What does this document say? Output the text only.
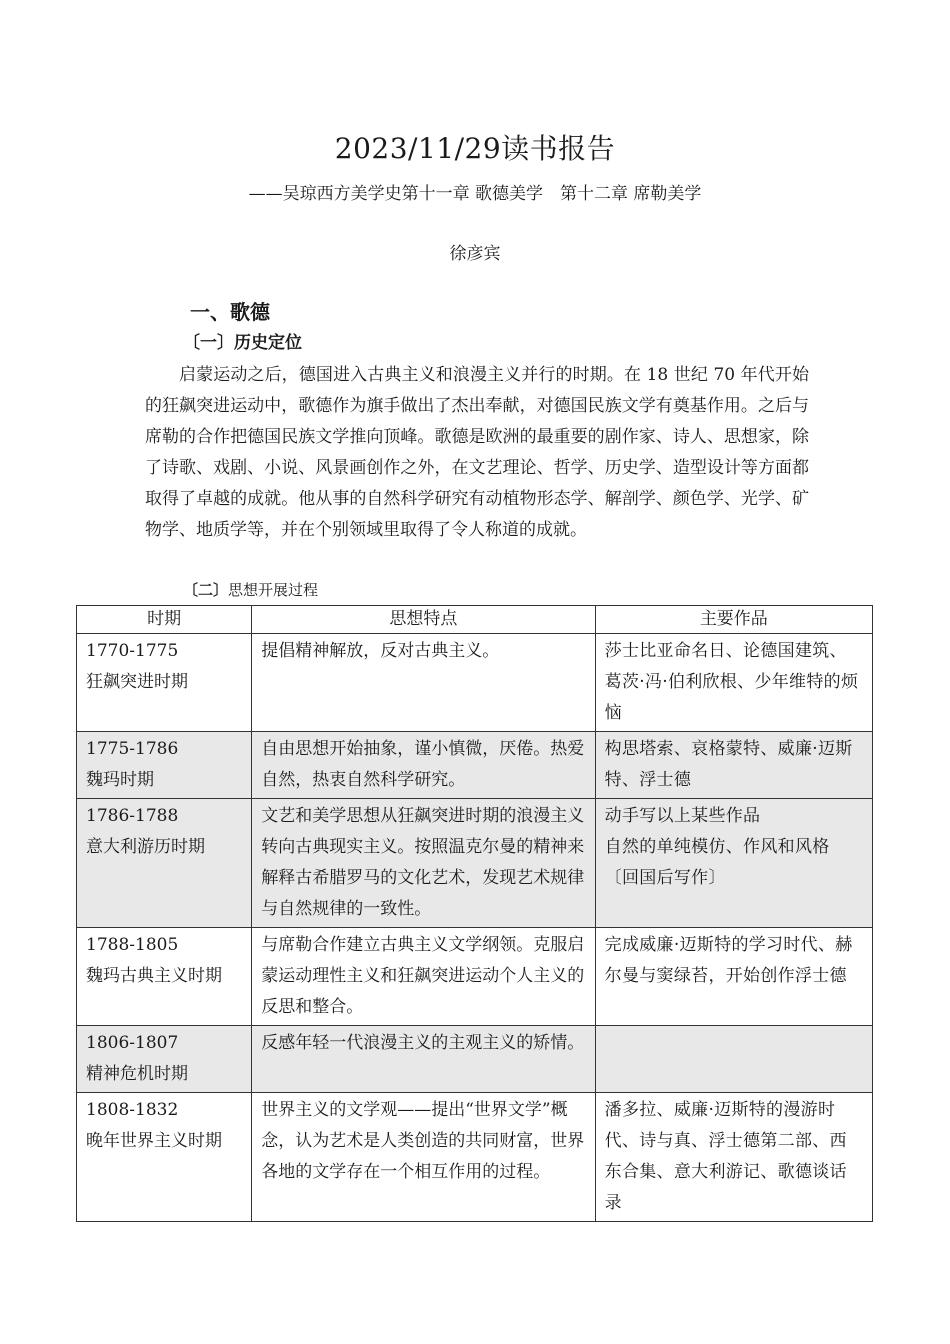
2023/11/29读书报告
——吴琼西方美学史第十一章 歌德美学　第十二章 席勒美学
徐彦宾
一、歌德
〔一〕历史定位
启蒙运动之后，德国进入古典主义和浪漫主义并行的时期。在 18 世纪 70 年代开始的狂飙突进运动中，歌德作为旗手做出了杰出奉献，对德国民族文学有奠基作用。之后与席勒的合作把德国民族文学推向顶峰。歌德是欧洲的最重要的剧作家、诗人、思想家，除了诗歌、戏剧、小说、风景画创作之外，在文艺理论、哲学、历史学、造型设计等方面都取得了卓越的成就。他从事的自然科学研究有动植物形态学、解剖学、颜色学、光学、矿物学、地质学等，并在个别领域里取得了令人称道的成就。
〔二〕思想开展过程
时期	思想特点	主要作品

1770-1775
狂飙突进时期	提倡精神解放，反对古典主义。	莎士比亚命名日、论德国建筑、葛茨·冯·伯利欣根、少年维特的烦恼

1775-1786
魏玛时期	自由思想开始抽象，谨小慎微，厌倦。热爱自然，热衷自然科学研究。	构思塔索、哀格蒙特、威廉·迈斯特、浮士德

1786-1788
意大利游历时期	文艺和美学思想从狂飙突进时期的浪漫主义转向古典现实主义。按照温克尔曼的精神来解释古希腊罗马的文化艺术，发现艺术规律与自然规律的一致性。	动手写以上某些作品
自然的单纯模仿、作风和风格〔回国后写作〕

1788-1805
魏玛古典主义时期	与席勒合作建立古典主义文学纲领。克服启蒙运动理性主义和狂飙突进运动个人主义的反思和整合。	完成威廉·迈斯特的学习时代、赫尔曼与窦绿苔，开始创作浮士德

1806-1807
精神危机时期	反感年轻一代浪漫主义的主观主义的矫情。	

1808-1832
晚年世界主义时期	世界主义的文学观——提出“世界文学”概念，认为艺术是人类创造的共同财富，世界各地的文学存在一个相互作用的过程。	潘多拉、威廉·迈斯特的漫游时代、诗与真、浮士德第二部、西东合集、意大利游记、歌德谈话录
